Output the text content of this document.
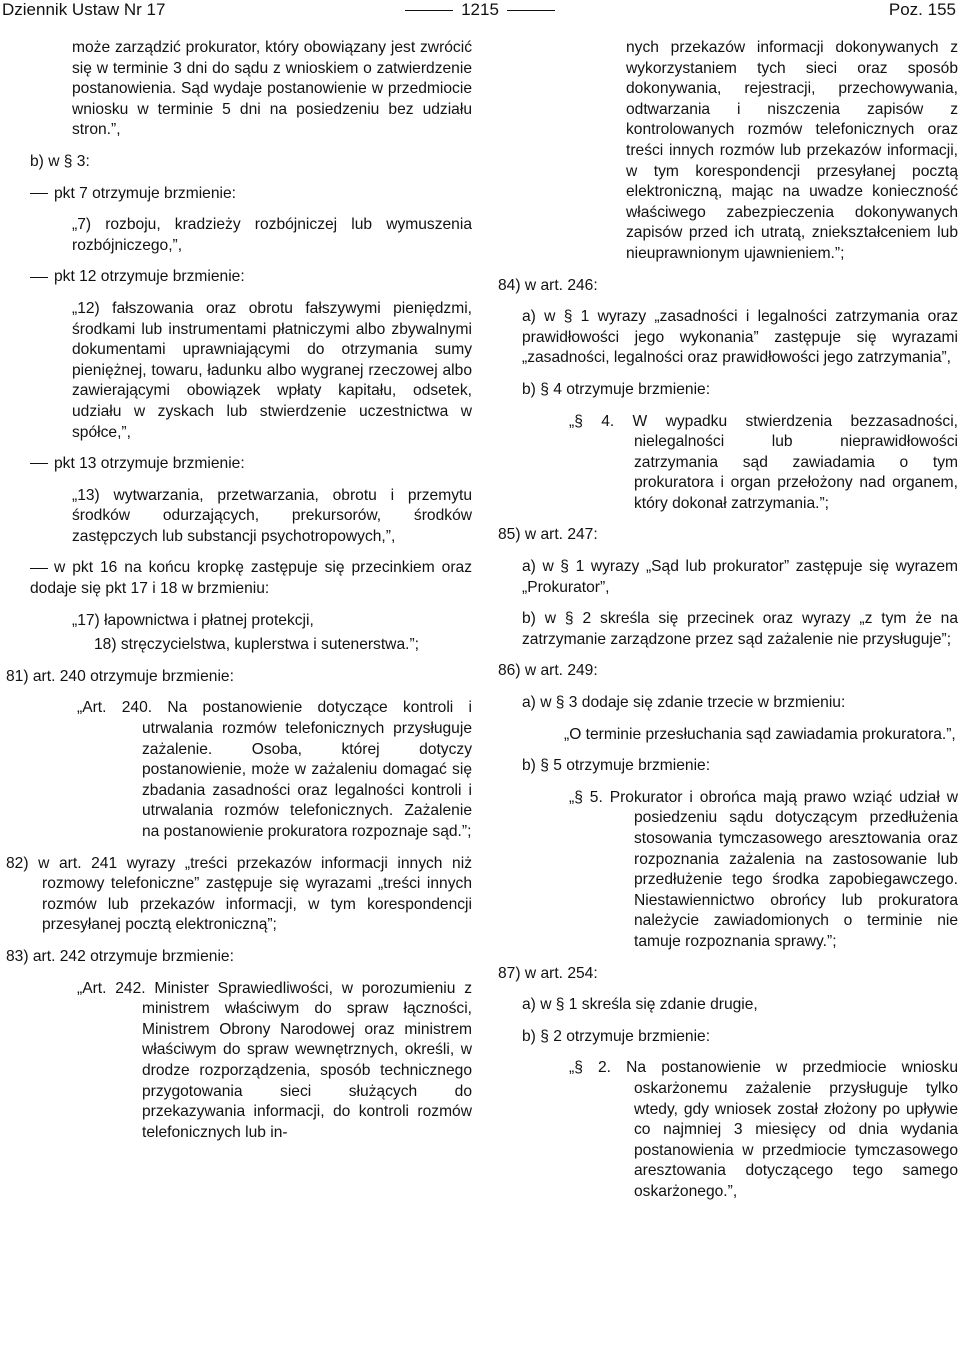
Dziennik Ustaw Nr 17	1215	Poz. 155
może zarządzić prokurator, który obowiązany jest zwrócić się w terminie 3 dni do sądu z wnioskiem o zatwierdzenie postanowienia. Sąd wydaje postanowienie w przedmiocie wniosku w terminie 5 dni na posiedzeniu bez udziału stron.”,
b) w § 3:
pkt 7 otrzymuje brzmienie:
„7) rozboju, kradzieży rozbójniczej lub wymuszenia rozbójniczego,”,
pkt 12 otrzymuje brzmienie:
„12) fałszowania oraz obrotu fałszywymi pieniędzmi, środkami lub instrumentami płatniczymi albo zbywalnymi dokumentami uprawniającymi do otrzymania sumy pieniężnej, towaru, ładunku albo wygranej rzeczowej albo zawierającymi obowiązek wpłaty kapitału, odsetek, udziału w zyskach lub stwierdzenie uczestnictwa w spółce,”,
pkt 13 otrzymuje brzmienie:
„13) wytwarzania, przetwarzania, obrotu i przemytu środków odurzających, prekursorów, środków zastępczych lub substancji psychotropowych,”,
w pkt 16 na końcu kropkę zastępuje się przecinkiem oraz dodaje się pkt 17 i 18 w brzmieniu:
„17) łapownictwa i płatnej protekcji,
18) stręczycielstwa, kuplerstwa i sutenerstwa.”;
81) art. 240 otrzymuje brzmienie:
„Art. 240. Na postanowienie dotyczące kontroli i utrwalania rozmów telefonicznych przysługuje zażalenie. Osoba, której dotyczy postanowienie, może w zażaleniu domagać się zbadania zasadności oraz legalności kontroli i utrwalania rozmów telefonicznych. Zażalenie na postanowienie prokuratora rozpoznaje sąd.”;
82) w art. 241 wyrazy „treści przekazów informacji innych niż rozmowy telefoniczne” zastępuje się wyrazami „treści innych rozmów lub przekazów informacji, w tym korespondencji przesyłanej pocztą elektroniczną”;
83) art. 242 otrzymuje brzmienie:
„Art. 242. Minister Sprawiedliwości, w porozumieniu z ministrem właściwym do spraw łączności, Ministrem Obrony Narodowej oraz ministrem właściwym do spraw wewnętrznych, określi, w drodze rozporządzenia, sposób technicznego przygotowania sieci służących do przekazywania informacji, do kontroli rozmów telefonicznych lub in-
nych przekazów informacji dokonywanych z wykorzystaniem tych sieci oraz sposób dokonywania, rejestracji, przechowywania, odtwarzania i niszczenia zapisów z kontrolowanych rozmów telefonicznych oraz treści innych rozmów lub przekazów informacji, w tym korespondencji przesyłanej pocztą elektroniczną, mając na uwadze konieczność właściwego zabezpieczenia dokonywanych zapisów przed ich utratą, zniekształceniem lub nieuprawnionym ujawnieniem.”;
84) w art. 246:
a) w § 1 wyrazy „zasadności i legalności zatrzymania oraz prawidłowości jego wykonania” zastępuje się wyrazami „zasadności, legalności oraz prawidłowości jego zatrzymania”,
b) § 4 otrzymuje brzmienie:
„§ 4. W wypadku stwierdzenia bezzasadności, nielegalności lub nieprawidłowości zatrzymania sąd zawiadamia o tym prokuratora i organ przełożony nad organem, który dokonał zatrzymania.”;
85) w art. 247:
a) w § 1 wyrazy „Sąd lub prokurator” zastępuje się wyrazem „Prokurator”,
b) w § 2 skreśla się przecinek oraz wyrazy „z tym że na zatrzymanie zarządzone przez sąd zażalenie nie przysługuje”;
86) w art. 249:
a) w § 3 dodaje się zdanie trzecie w brzmieniu:
„O terminie przesłuchania sąd zawiadamia prokuratora.”,
b) § 5 otrzymuje brzmienie:
„§ 5. Prokurator i obrońca mają prawo wziąć udział w posiedzeniu sądu dotyczącym przedłużenia stosowania tymczasowego aresztowania oraz rozpoznania zażalenia na zastosowanie lub przedłużenie tego środka zapobiegawczego. Niestawiennictwo obrońcy lub prokuratora należycie zawiadomionych o terminie nie tamuje rozpoznania sprawy.”;
87) w art. 254:
a) w § 1 skreśla się zdanie drugie,
b) § 2 otrzymuje brzmienie:
„§ 2. Na postanowienie w przedmiocie wniosku oskarżonemu zażalenie przysługuje tylko wtedy, gdy wniosek został złożony po upływie co najmniej 3 miesięcy od dnia wydania postanowienia w przedmiocie tymczasowego aresztowania dotyczącego tego samego oskarżonego.”,
